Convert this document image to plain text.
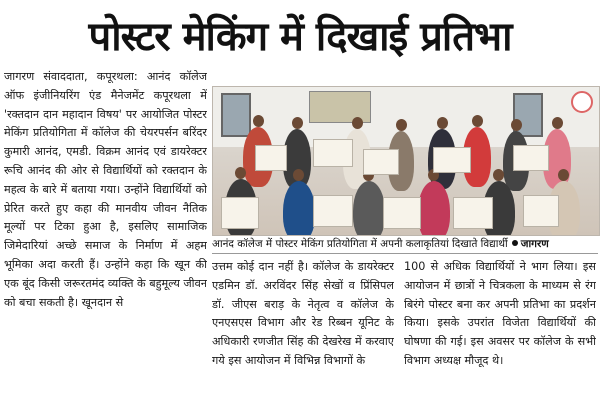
पोस्टर मेकिंग में दिखाई प्रतिभा
जागरण संवाददाता, कपूरथला: आनंद कॉलेज ऑफ इंजीनियरिंग एंड मैनेजमेंट कपूरथला में 'रक्तदान दान महादान विषय' पर आयोजित पोस्टर मेकिंग प्रतियोगिता में कॉलेज की चेयरपर्सन बरिंदर कुमारी आनंद, एमडी. विक्रम आनंद एवं डायरेक्टर रूचि आनंद की ओर से विद्यार्थियों को रक्तदान के महत्व के बारे में बताया गया। उन्होंने विद्यार्थियों को प्रेरित करते हुए कहा की मानवीय जीवन नैतिक मूल्यों पर टिका हुआ है, इसलिए सामाजिक जिमेदारियां अच्छे समाज के निर्माण में अहम भूमिका अदा करती हैं। उन्होंने कहा कि खून की एक बूंद किसी जरूरतमंद व्यक्ति के बहुमूल्य जीवन को बचा सकती है। खूनदान से
आनंद कॉलेज में पोस्टर मेकिंग प्रतियोगिता में अपनी कलाकृतियां दिखाते विद्यार्थी जागरण
उत्तम कोई दान नहीं है। कॉलेज के डायरेक्टर एडमिन डॉ. अरविंदर सिंह सेखों व प्रिंसिपल डॉ. जीएस बराड़ के नेतृत्व व कॉलेज के एनएसएस विभाग और रेड रिब्बन यूनिट के अधिकारी रणजीत सिंह की देखरेख में करवाए गये इस आयोजन में विभिन्न विभागों के
100 से अधिक विद्यार्थियों ने भाग लिया। इस आयोजन में छात्रों ने चित्रकला के माध्यम से रंग बिरंगे पोस्टर बना कर अपनी प्रतिभा का प्रदर्शन किया। इसके उपरांत विजेता विद्यार्थियों की घोषणा की गई। इस अवसर पर कॉलेज के सभी विभाग अध्यक्ष मौजूद थे।
